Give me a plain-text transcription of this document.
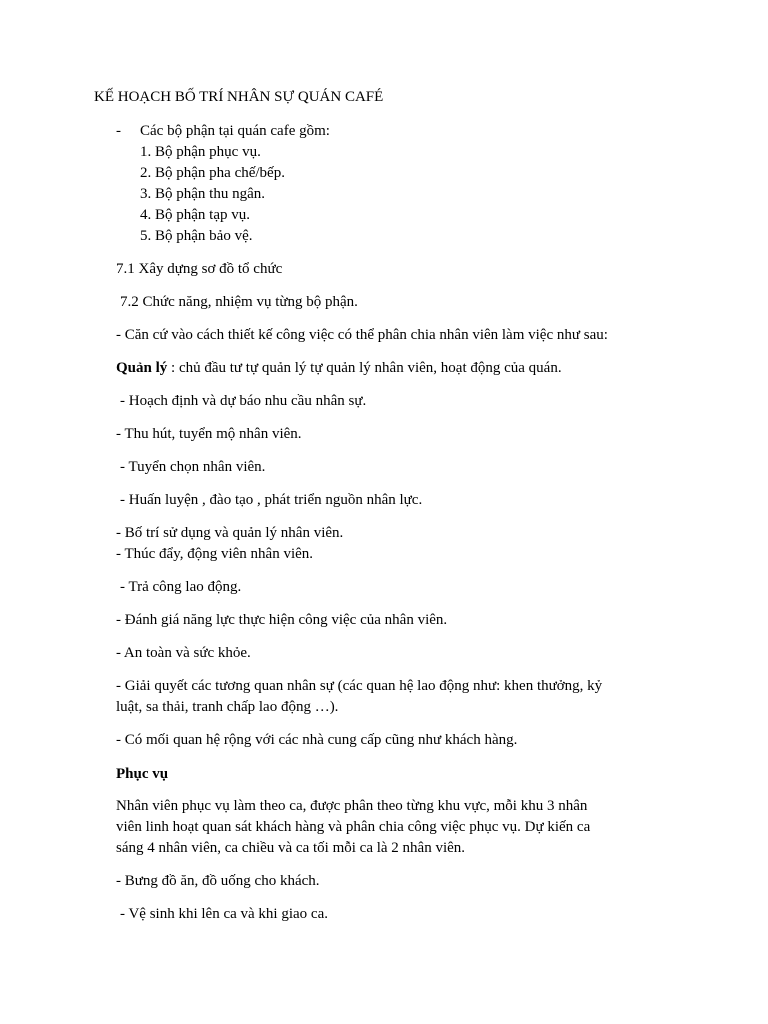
KẾ HOẠCH BỐ TRÍ NHÂN SỰ QUÁN CAFÉ
- Các bộ phận tại quán cafe gồm:
1. Bộ phận phục vụ.
2. Bộ phận pha chế/bếp.
3. Bộ phận thu ngân.
4. Bộ phận tạp vụ.
5. Bộ phận bảo vệ.
7.1 Xây dựng sơ đồ tổ chức
7.2 Chức năng, nhiệm vụ từng bộ phận.
- Căn cứ vào cách thiết kế công việc có thể phân chia nhân viên làm việc như sau:
Quản lý : chủ đầu tư tự quản lý tự quản lý nhân viên, hoạt động của quán.
- Hoạch định và dự báo nhu cầu nhân sự.
- Thu hút, tuyển mộ nhân viên.
- Tuyển chọn nhân viên.
- Huấn luyện , đào tạo , phát triển nguồn nhân lực.
- Bố trí sử dụng và quản lý nhân viên.
- Thúc đẩy, động viên nhân viên.
- Trả công lao động.
- Đánh giá năng lực thực hiện công việc của nhân viên.
- An toàn và sức khỏe.
- Giải quyết các tương quan nhân sự (các quan hệ lao động như: khen thưởng, kỷ
luật, sa thải, tranh chấp lao động …).
- Có mối quan hệ rộng với các nhà cung cấp cũng như khách hàng.
Phục vụ
Nhân viên phục vụ làm theo ca, được phân theo từng khu vực, mỗi khu 3 nhân
viên linh hoạt quan sát khách hàng và phân chia công việc phục vụ. Dự kiến ca
sáng 4 nhân viên, ca chiều và ca tối mỗi ca là 2 nhân viên.
- Bưng đồ ăn, đồ uống cho khách.
- Vệ sinh khi lên ca và khi giao ca.
